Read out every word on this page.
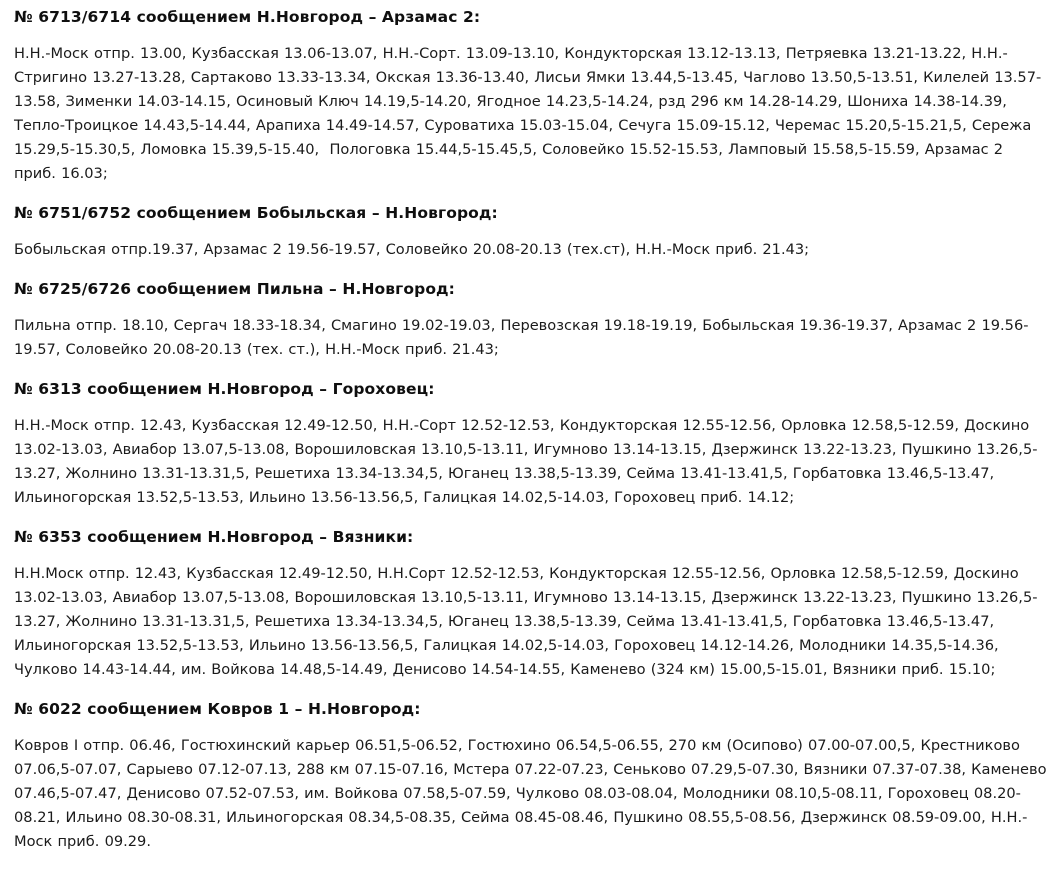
№ 6713/6714 сообщением Н.Новгород – Арзамас 2:

Н.Н.-Моск отпр. 13.00, Кузбасская 13.06-13.07, Н.Н.-Сорт. 13.09-13.10, Кондукторская 13.12-13.13, Петряевка 13.21-13.22, Н.Н.-Стригино 13.27-13.28, Сартаково 13.33-13.34, Окская 13.36-13.40, Лисьи Ямки 13.44,5-13.45, Чаглово 13.50,5-13.51, Килелей 13.57-13.58, Зименки 14.03-14.15, Осиновый Ключ 14.19,5-14.20, Ягодное 14.23,5-14.24, рзд 296 км 14.28-14.29, Шониха 14.38-14.39, Тепло-Троицкое 14.43,5-14.44, Арапиха 14.49-14.57, Суроватиха 15.03-15.04, Сечуга 15.09-15.12, Черемас 15.20,5-15.21,5, Сережа 15.29,5-15.30,5, Ломовка 15.39,5-15.40,  Пологовка 15.44,5-15.45,5, Соловейко 15.52-15.53, Ламповый 15.58,5-15.59, Арзамас 2 приб. 16.03;

№ 6751/6752 сообщением Бобыльская – Н.Новгород:

Бобыльская отпр.19.37, Арзамас 2 19.56-19.57, Соловейко 20.08-20.13 (тех.ст), Н.Н.-Моск приб. 21.43;

№ 6725/6726 сообщением Пильна – Н.Новгород:

Пильна отпр. 18.10, Сергач 18.33-18.34, Смагино 19.02-19.03, Перевозская 19.18-19.19, Бобыльская 19.36-19.37, Арзамас 2 19.56-19.57, Соловейко 20.08-20.13 (тех. ст.), Н.Н.-Моск приб. 21.43;

№ 6313 сообщением Н.Новгород – Гороховец:

Н.Н.-Моск отпр. 12.43, Кузбасская 12.49-12.50, Н.Н.-Сорт 12.52-12.53, Кондукторская 12.55-12.56, Орловка 12.58,5-12.59, Доскино 13.02-13.03, Авиабор 13.07,5-13.08, Ворошиловская 13.10,5-13.11, Игумново 13.14-13.15, Дзержинск 13.22-13.23, Пушкино 13.26,5-13.27, Жолнино 13.31-13.31,5, Решетиха 13.34-13.34,5, Юганец 13.38,5-13.39, Сейма 13.41-13.41,5, Горбатовка 13.46,5-13.47, Ильиногорская 13.52,5-13.53, Ильино 13.56-13.56,5, Галицкая 14.02,5-14.03, Гороховец приб. 14.12;

№ 6353 сообщением Н.Новгород – Вязники:

Н.Н.Моск отпр. 12.43, Кузбасская 12.49-12.50, Н.Н.Сорт 12.52-12.53, Кондукторская 12.55-12.56, Орловка 12.58,5-12.59, Доскино 13.02-13.03, Авиабор 13.07,5-13.08, Ворошиловская 13.10,5-13.11, Игумново 13.14-13.15, Дзержинск 13.22-13.23, Пушкино 13.26,5-13.27, Жолнино 13.31-13.31,5, Решетиха 13.34-13.34,5, Юганец 13.38,5-13.39, Сейма 13.41-13.41,5, Горбатовка 13.46,5-13.47, Ильиногорская 13.52,5-13.53, Ильино 13.56-13.56,5, Галицкая 14.02,5-14.03, Гороховец 14.12-14.26, Молодники 14.35,5-14.36, Чулково 14.43-14.44, им. Войкова 14.48,5-14.49, Денисово 14.54-14.55, Каменево (324 км) 15.00,5-15.01, Вязники приб. 15.10;

№ 6022 сообщением Ковров 1 – Н.Новгород:

Ковров I отпр. 06.46, Гостюхинский карьер 06.51,5-06.52, Гостюхино 06.54,5-06.55, 270 км (Осипово) 07.00-07.00,5, Крестниково 07.06,5-07.07, Сарыево 07.12-07.13, 288 км 07.15-07.16, Мстера 07.22-07.23, Сеньково 07.29,5-07.30, Вязники 07.37-07.38, Каменево 07.46,5-07.47, Денисово 07.52-07.53, им. Войкова 07.58,5-07.59, Чулково 08.03-08.04, Молодники 08.10,5-08.11, Гороховец 08.20-08.21, Ильино 08.30-08.31, Ильиногорская 08.34,5-08.35, Сейма 08.45-08.46, Пушкино 08.55,5-08.56, Дзержинск 08.59-09.00, Н.Н.-Моск приб. 09.29.
